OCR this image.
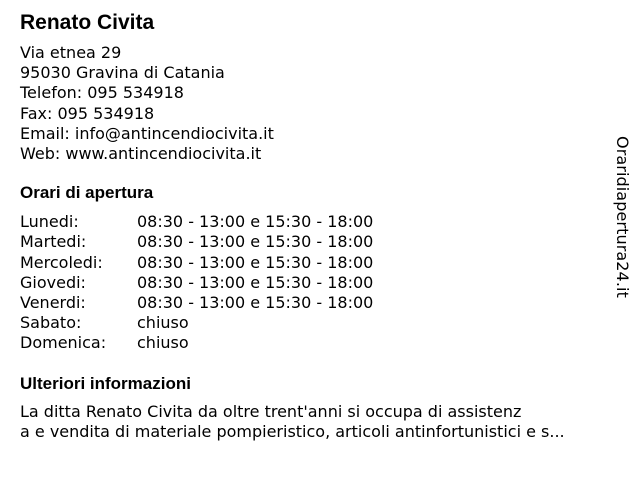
Renato Civita
Via etnea 29
95030 Gravina di Catania
Telefon: 095 534918
Fax: 095 534918
Email: info@antincendiocivita.it
Web: www.antincendiocivita.it
Orari di apertura
Lunedi:	08:30 - 13:00 e 15:30 - 18:00
Martedi:	08:30 - 13:00 e 15:30 - 18:00
Mercoledi:	08:30 - 13:00 e 15:30 - 18:00
Giovedi:	08:30 - 13:00 e 15:30 - 18:00
Venerdi:	08:30 - 13:00 e 15:30 - 18:00
Sabato:	chiuso
Domenica:	chiuso
Ulteriori informazioni
La ditta Renato Civita da oltre trent'anni si occupa di assistenz
a e vendita di materiale pompieristico, articoli antinfortunistici e s...
Oraridiapertura24.it
